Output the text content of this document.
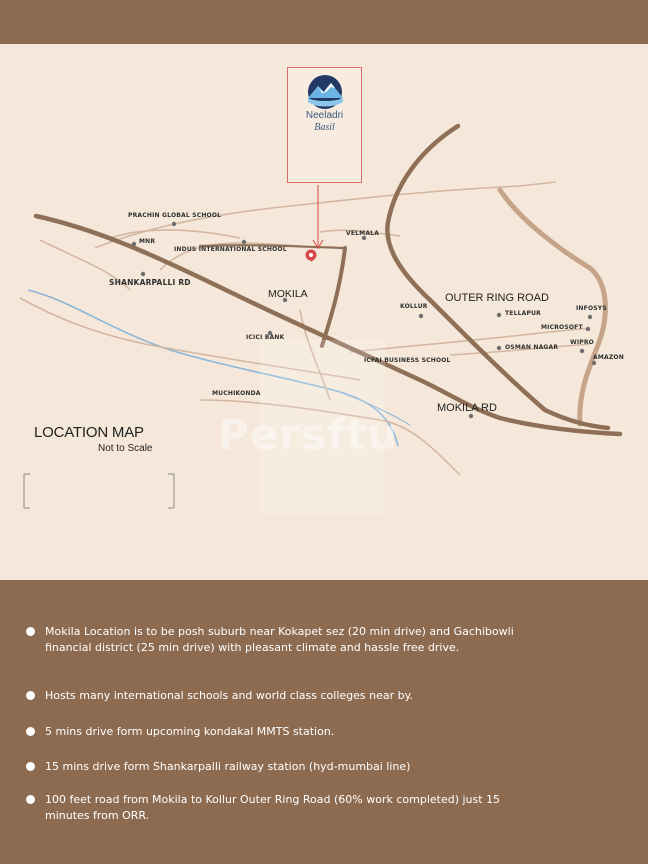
PRACHIN GLOBAL SCHOOL
MNR
INDUS INTERNATIONAL SCHOOL
VELMALA
SHANKARPALLI RD
MOKILA
KOLLUR
OUTER RING ROAD
TELLAPUR
INFOSYS
MICROSOFT
ICICI BANK
ICFAI BUSINESS SCHOOL
OSMAN NAGAR
WIPRO
AMAZON
MUCHIKONDA
MOKILA RD
Persftu
LOCATION MAP
Not to Scale
Neeladri
Basil
Mokila Location is to be posh suburb near Kokapet sez (20 min drive) and Gachibowli financial district (25 min drive) with pleasant climate and hassle free drive.
Hosts many international schools and world class colleges near by.
5 mins drive form upcoming kondakal MMTS station.
15 mins drive form Shankarpalli railway station (hyd-mumbai line)
100 feet road from Mokila to Kollur Outer Ring Road (60% work completed) just 15 minutes from ORR.
